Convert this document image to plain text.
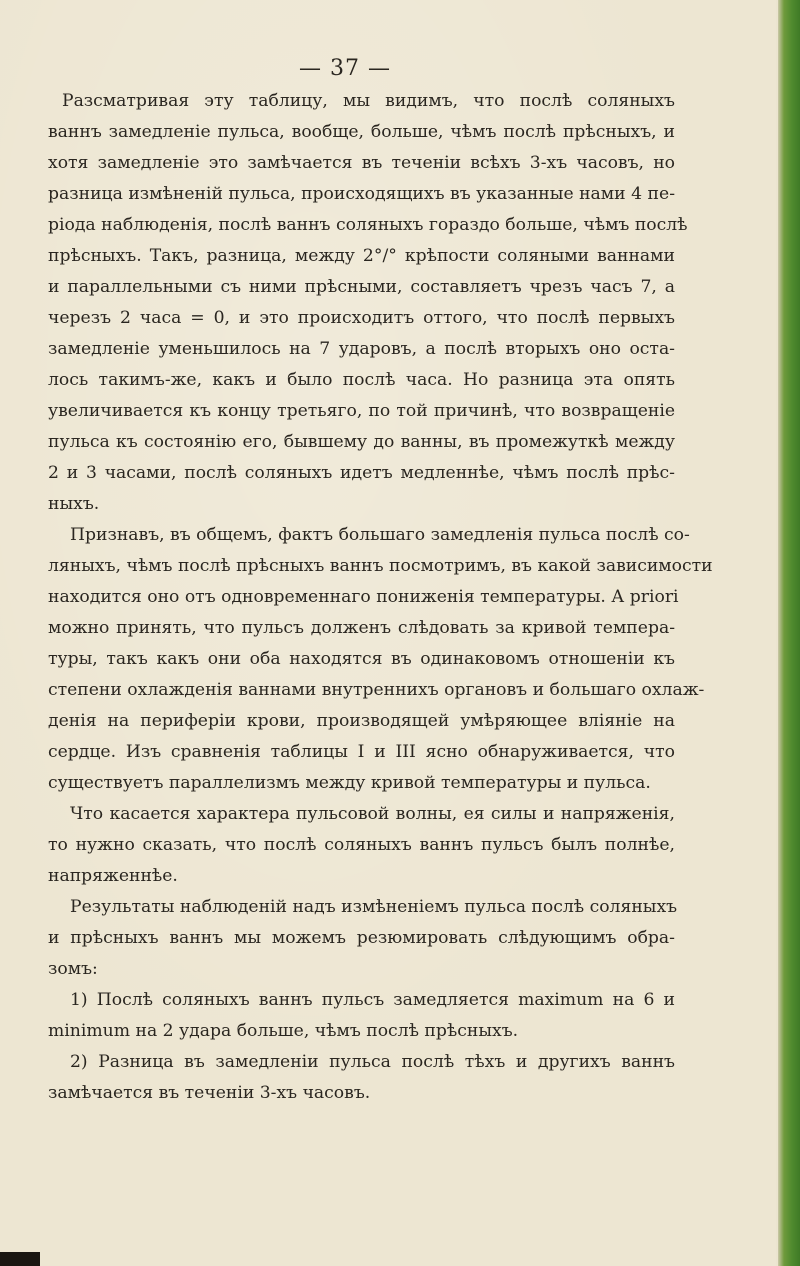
— 37 —

Разсматривая эту таблицу, мы видимъ, что послѣ соляныхъ
ваннъ замедленіе пульса, вообще, больше, чѣмъ послѣ прѣсныхъ, и
хотя замедленіе это замѣчается въ теченіи всѣхъ 3-хъ часовъ, но
разница измѣненій пульса, происходящихъ въ указанные нами 4 пе-
ріода наблюденія, послѣ ваннъ соляныхъ гораздо больше, чѣмъ послѣ
прѣсныхъ. Такъ, разница, между 2°/° крѣпости соляными ваннами
и параллельными съ ними прѣсными, составляетъ чрезъ часъ 7, а
черезъ 2 часа = 0, и это происходитъ оттого, что послѣ первыхъ
замедленіе уменьшилось на 7 ударовъ, а послѣ вторыхъ оно оста-
лось такимъ-же, какъ и было послѣ часа. Но разница эта опять
увеличивается къ концу третьяго, по той причинѣ, что возвращеніе
пульса къ состоянію его, бывшему до ванны, въ промежуткѣ между
2 и 3 часами, послѣ соляныхъ идетъ медленнѣе, чѣмъ послѣ прѣс-
ныхъ.

Признавъ, въ общемъ, фактъ большаго замедленія пульса послѣ со-
ляныхъ, чѣмъ послѣ прѣсныхъ ваннъ посмотримъ, въ какой зависимости
находится оно отъ одновременнаго пониженія температуры. А priori
можно принять, что пульсъ долженъ слѣдовать за кривой темпера-
туры, такъ какъ они оба находятся въ одинаковомъ отношеніи къ
степени охлажденія ваннами внутреннихъ органовъ и большаго охлаж-
денія на периферіи крови, производящей умѣряющее вліяніе на
сердце. Изъ сравненія таблицы I и III ясно обнаруживается, что
существуетъ параллелизмъ между кривой температуры и пульса.

Что касается характера пульсовой волны, ея силы и напряженія,
то нужно сказать, что послѣ соляныхъ ваннъ пульсъ былъ полнѣе,
напряженнѣе.

Результаты наблюденій надъ измѣненіемъ пульса послѣ соляныхъ
и прѣсныхъ ваннъ мы можемъ резюмировать слѣдующимъ обра-
зомъ:

1) Послѣ соляныхъ ваннъ пульсъ замедляется maximum на 6 и
minimum на 2 удара больше, чѣмъ послѣ прѣсныхъ.

2) Разница въ замедленіи пульса послѣ тѣхъ и другихъ ваннъ
замѣчается въ теченіи 3-хъ часовъ.
